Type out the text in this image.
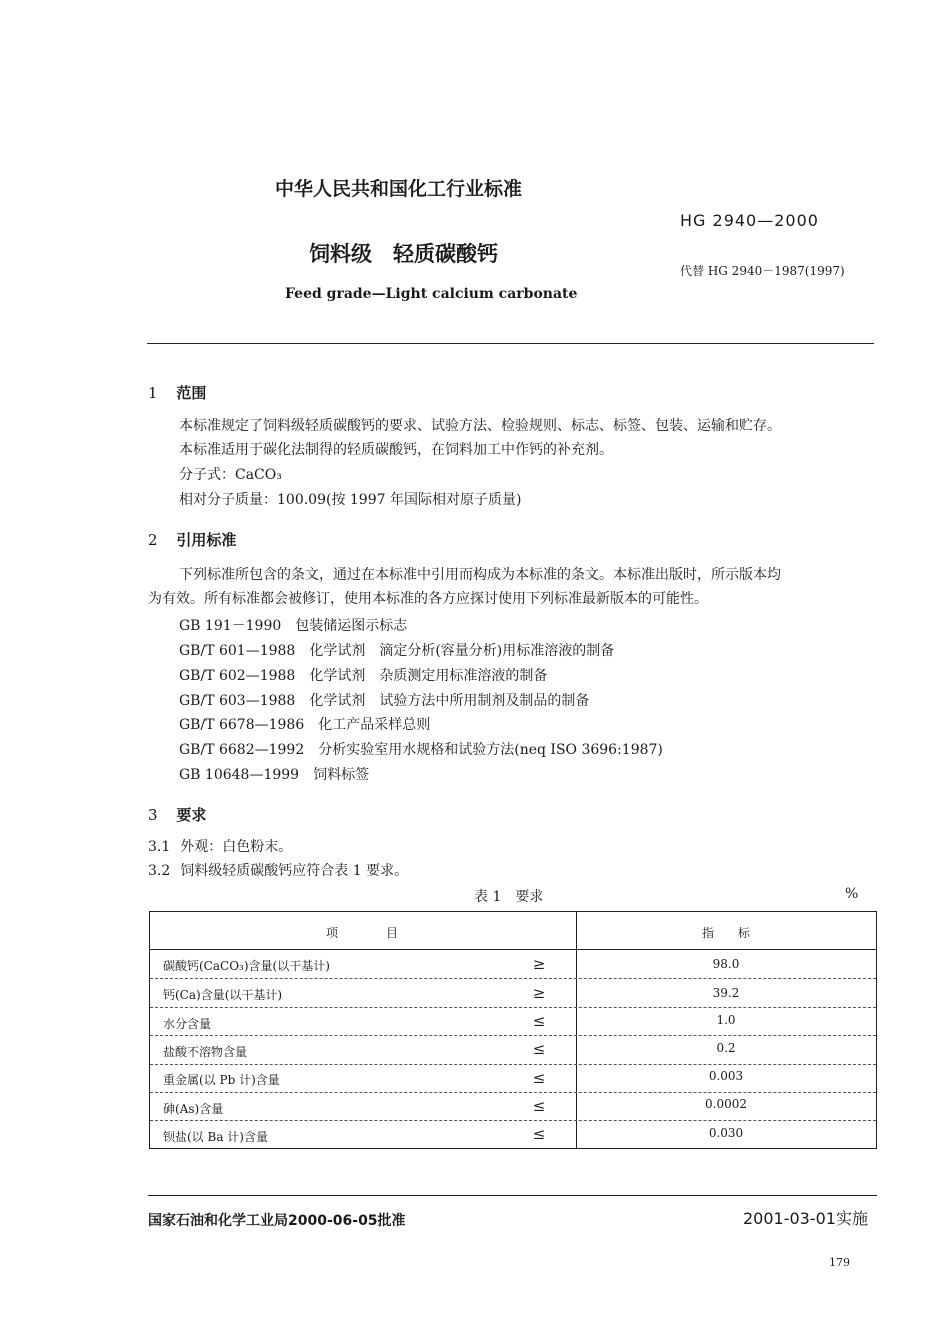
中华人民共和国化工行业标准
HG 2940—2000
饲料级　轻质碳酸钙
代替 HG 2940－1987(1997)
Feed grade—Light calcium carbonate
1 范围
本标准规定了饲料级轻质碳酸钙的要求、试验方法、检验规则、标志、标签、包装、运输和贮存。
本标准适用于碳化法制得的轻质碳酸钙，在饲料加工中作钙的补充剂。
分子式：CaCO₃
相对分子质量：100.09(按 1997 年国际相对原子质量)
2 引用标准
下列标准所包含的条文，通过在本标准中引用而构成为本标准的条文。本标准出版时，所示版本均
为有效。所有标准都会被修订，使用本标准的各方应探讨使用下列标准最新版本的可能性。
GB 191－1990 包装储运图示标志
GB/T 601—1988 化学试剂　滴定分析(容量分析)用标准溶液的制备
GB/T 602—1988 化学试剂　杂质测定用标准溶液的制备
GB/T 603—1988 化学试剂　试验方法中所用制剂及制品的制备
GB/T 6678—1986 化工产品采样总则
GB/T 6682—1992 分析实验室用水规格和试验方法(neq ISO 3696:1987)
GB 10648—1999 饲料标签
3 要求
3.1 外观：白色粉末。
3.2 饲料级轻质碳酸钙应符合表 1 要求。
表 1　要求	%
项　　　　目	指　　标
碳酸钙(CaCO₃)含量(以干基计)	≥	98.0
钙(Ca)含量(以干基计)	≥	39.2
水分含量	≤	1.0
盐酸不溶物含量	≤	0.2
重金属(以 Pb 计)含量	≤	0.003
砷(As)含量	≤	0.0002
钡盐(以 Ba 计)含量	≤	0.030
国家石油和化学工业局2000-06-05批准	2001-03-01实施
179
